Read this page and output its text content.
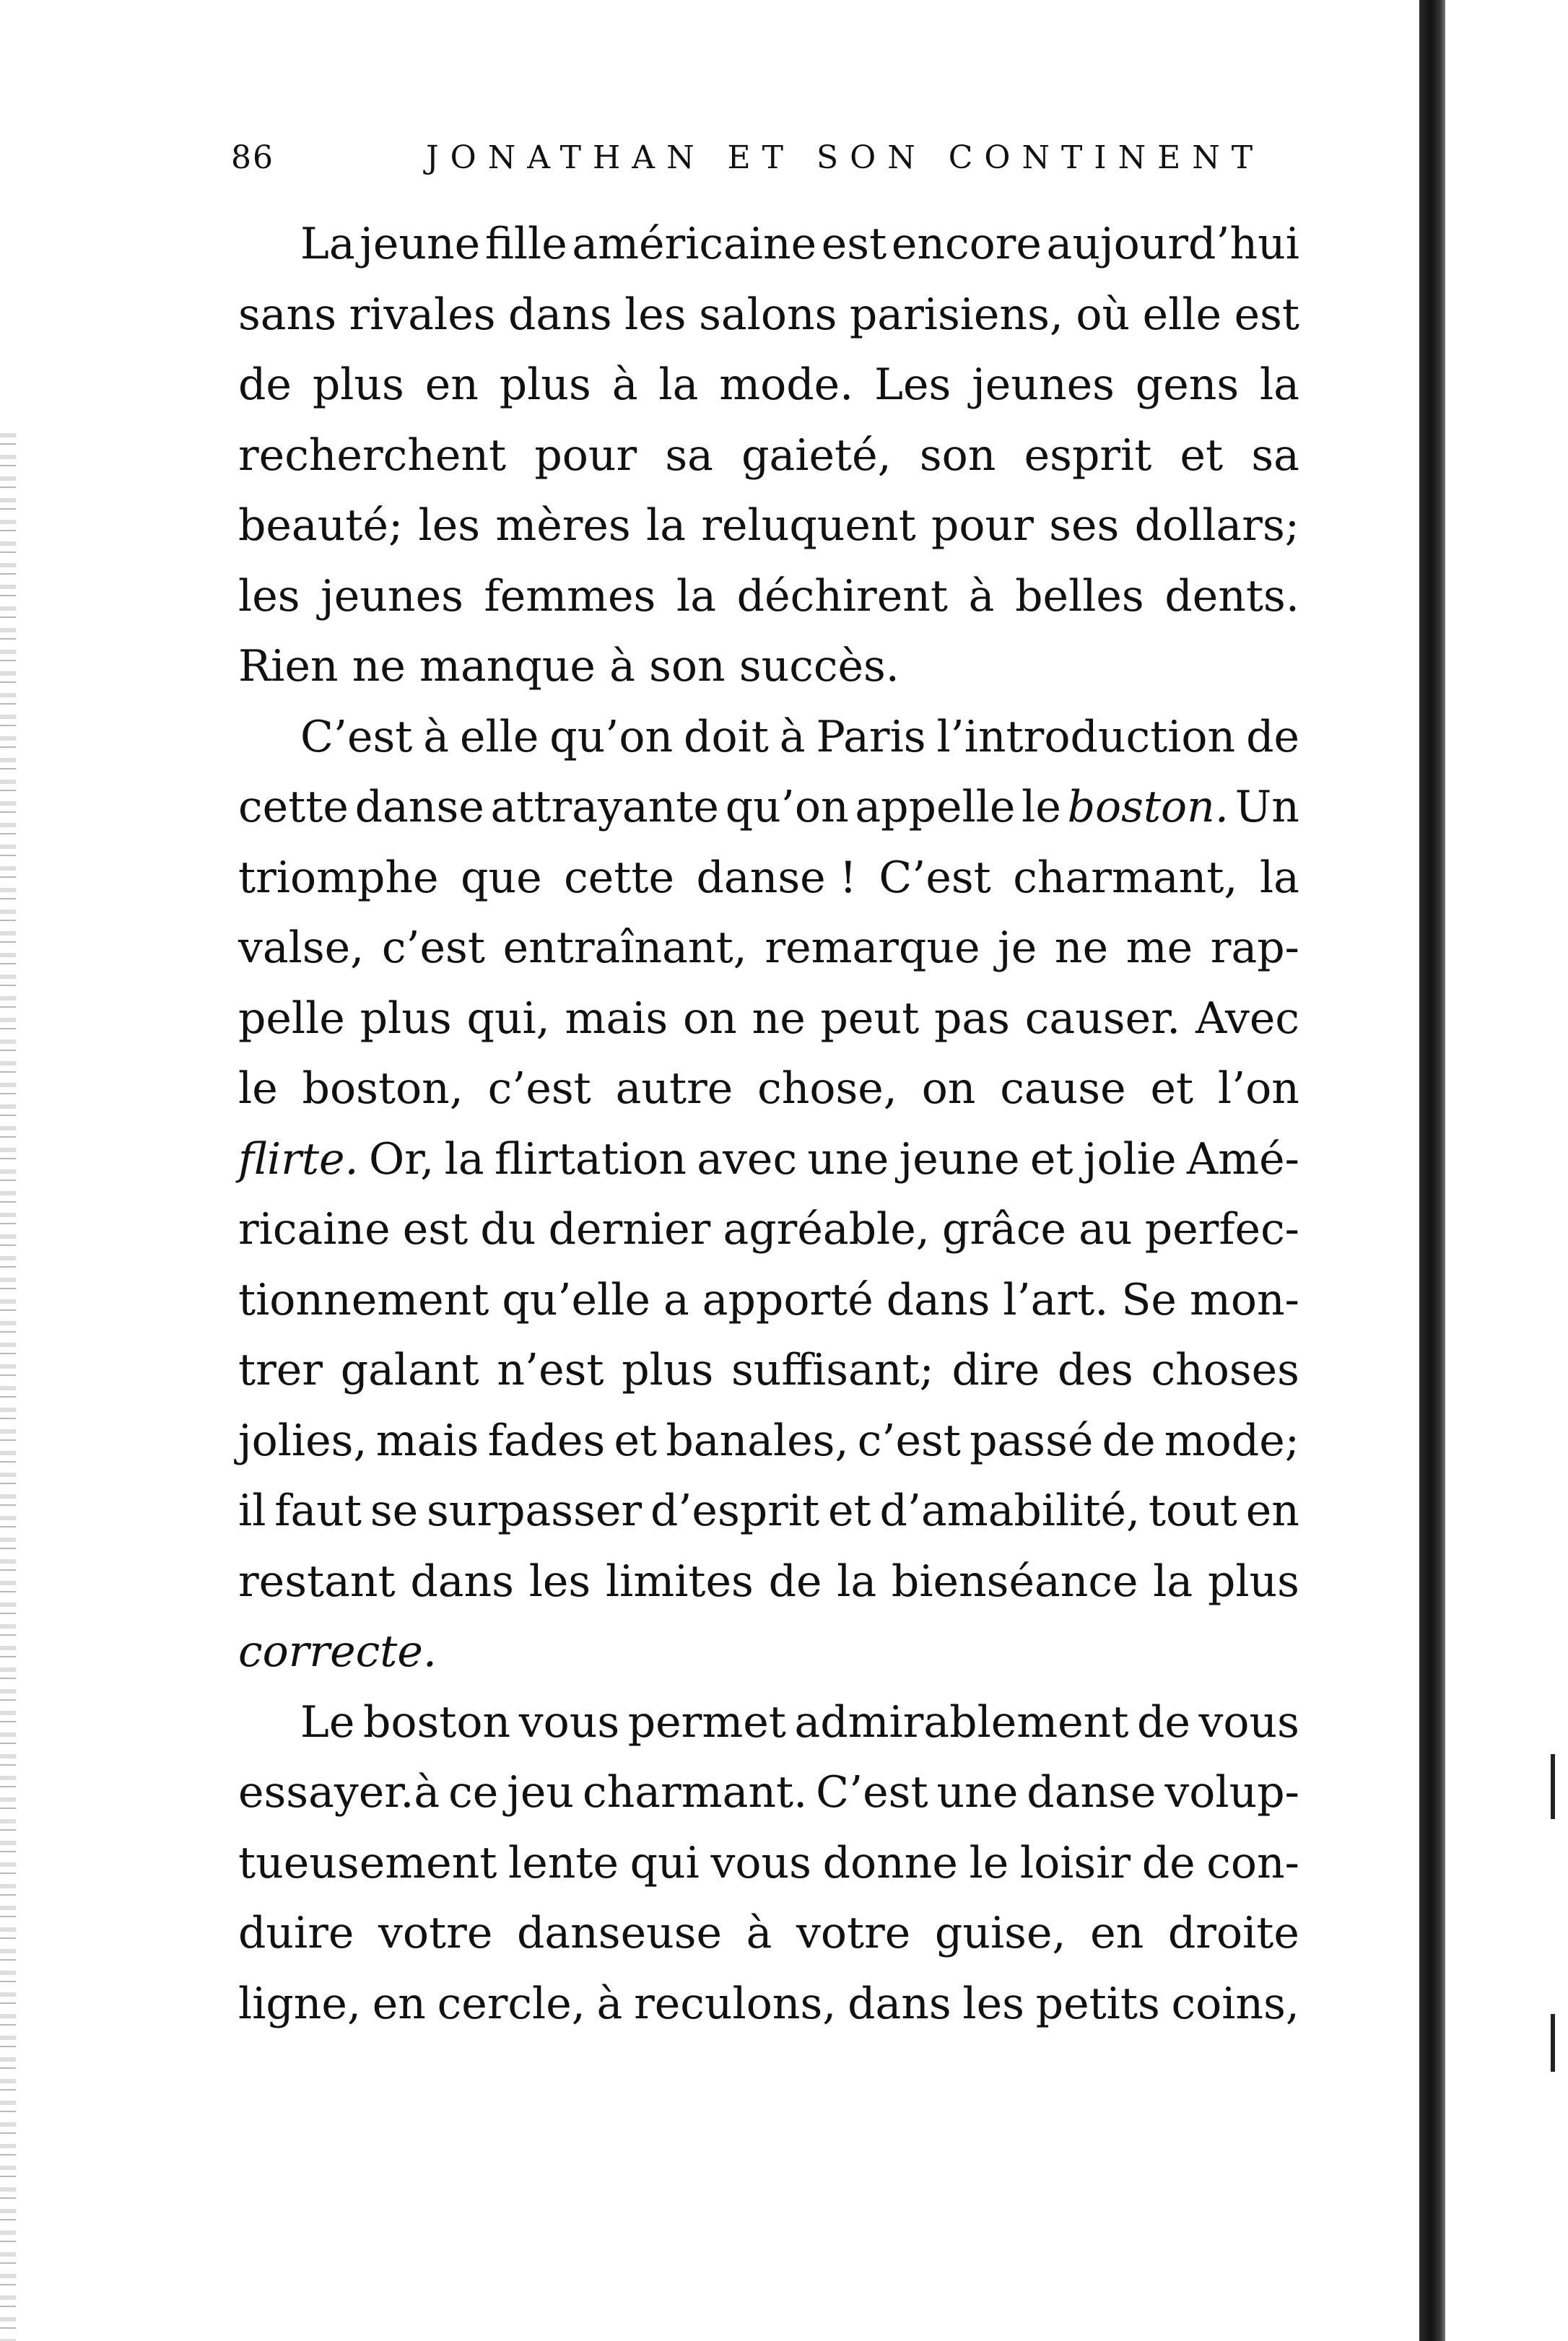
86	JONATHAN ET SON CONTINENT
La jeune fille américaine est encore aujourd’hui
sans rivales dans les salons parisiens, où elle est
de plus en plus à la mode. Les jeunes gens la
recherchent pour sa gaieté, son esprit et sa
beauté; les mères la reluquent pour ses dollars;
les jeunes femmes la déchirent à belles dents.
Rien ne manque à son succès.
C’est à elle qu’on doit à Paris l’introduction de
cette danse attrayante qu’on appelle le boston. Un
triomphe que cette danse ! C’est charmant, la
valse, c’est entraînant, remarque je ne me rap-
pelle plus qui, mais on ne peut pas causer. Avec
le boston, c’est autre chose, on cause et l’on
flirte. Or, la flirtation avec une jeune et jolie Amé-
ricaine est du dernier agréable, grâce au perfec-
tionnement qu’elle a apporté dans l’art. Se mon-
trer galant n’est plus suffisant; dire des choses
jolies, mais fades et banales, c’est passé de mode;
il faut se surpasser d’esprit et d’amabilité, tout en
restant dans les limites de la bienséance la plus
correcte.
Le boston vous permet admirablement de vous
essayer.à ce jeu charmant. C’est une danse volup-
tueusement lente qui vous donne le loisir de con-
duire votre danseuse à votre guise, en droite
ligne, en cercle, à reculons, dans les petits coins,
